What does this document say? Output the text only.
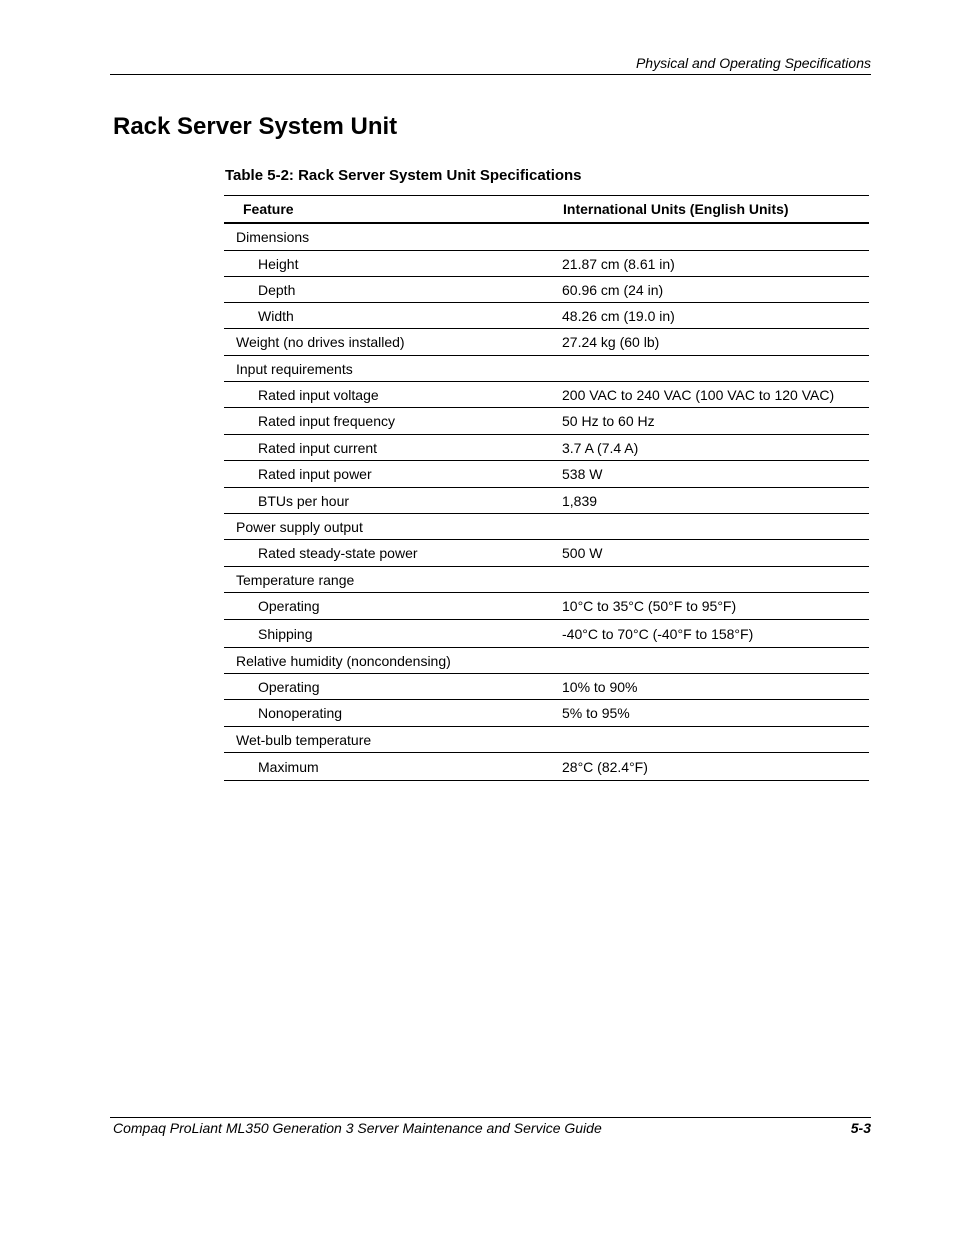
Physical and Operating Specifications
Rack Server System Unit
Table 5-2: Rack Server System Unit Specifications
Feature	International Units (English Units)
Dimensions
Height	21.87 cm (8.61 in)
Depth	60.96 cm (24 in)
Width	48.26 cm (19.0 in)
Weight (no drives installed)	27.24 kg (60 lb)
Input requirements
Rated input voltage	200 VAC to 240 VAC (100 VAC to 120 VAC)
Rated input frequency	50 Hz to 60 Hz
Rated input current	3.7 A (7.4 A)
Rated input power	538 W
BTUs per hour	1,839
Power supply output
Rated steady-state power	500 W
Temperature range
Operating	10°C to 35°C (50°F to 95°F)
Shipping	-40°C to 70°C (-40°F to 158°F)
Relative humidity (noncondensing)
Operating	10% to 90%
Nonoperating	5% to 95%
Wet-bulb temperature
Maximum	28°C (82.4°F)
Compaq ProLiant ML350 Generation 3 Server Maintenance and Service Guide	5-3
